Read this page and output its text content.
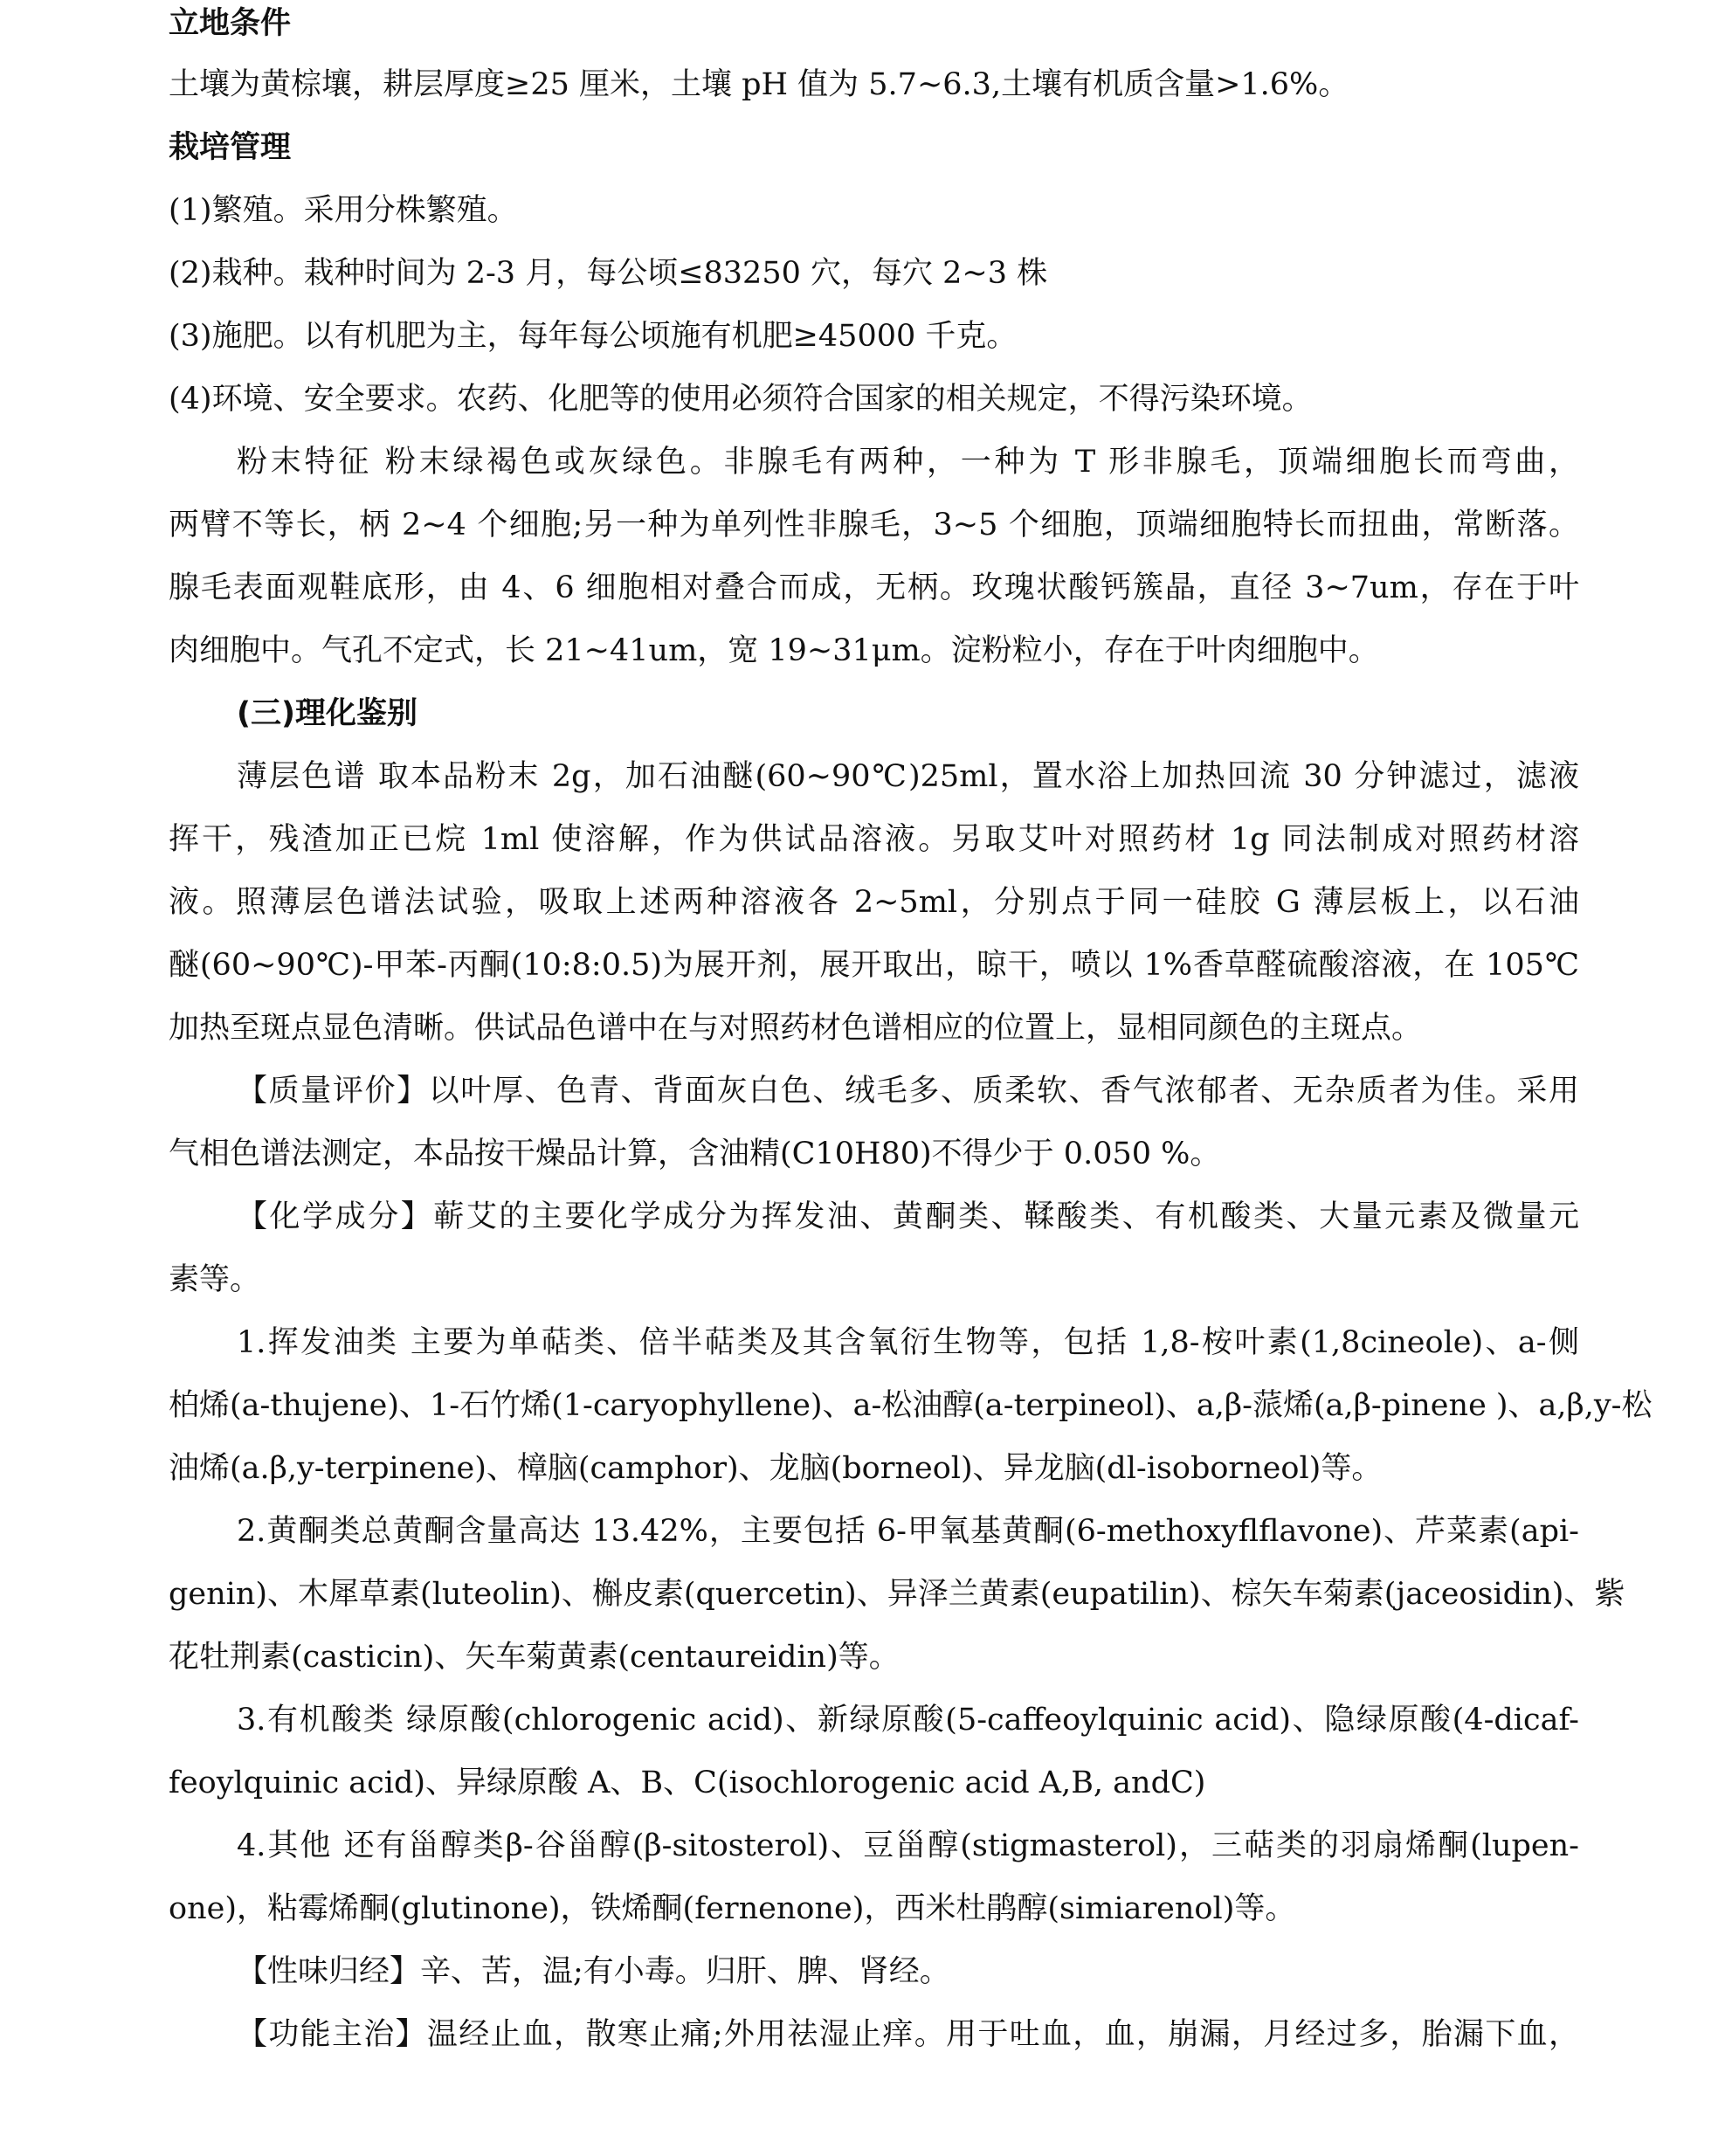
立地条件
土壤为黄棕壤，耕层厚度≥25 厘米，土壤 pH 值为 5.7~6.3,土壤有机质含量>1.6%。
栽培管理
(1)繁殖。采用分株繁殖。
(2)栽种。栽种时间为 2-3 月，每公顷≤83250 穴，每穴 2~3 株
(3)施肥。以有机肥为主，每年每公顷施有机肥≥45000 千克。
(4)环境、安全要求。农药、化肥等的使用必须符合国家的相关规定，不得污染环境。
粉末特征 粉末绿褐色或灰绿色。非腺毛有两种，一种为 T 形非腺毛，顶端细胞长而弯曲，
两臂不等长，柄 2~4 个细胞;另一种为单列性非腺毛，3~5 个细胞，顶端细胞特长而扭曲，常断落。
腺毛表面观鞋底形，由 4、6 细胞相对叠合而成，无柄。玫瑰状酸钙簇晶，直径 3~7um，存在于叶
肉细胞中。气孔不定式，长 21~41um，宽 19~31μm。淀粉粒小，存在于叶肉细胞中。
(三)理化鉴别
薄层色谱 取本品粉末 2g，加石油醚(60~90℃)25ml，置水浴上加热回流 30 分钟滤过，滤液
挥干，残渣加正已烷 1ml 使溶解，作为供试品溶液。另取艾叶对照药材 1g 同法制成对照药材溶
液。照薄层色谱法试验，吸取上述两种溶液各 2~5ml，分别点于同一硅胶 G 薄层板上，以石油
醚(60~90℃)-甲苯-丙酮(10:8:0.5)为展开剂，展开取出，晾干，喷以 1%香草醛硫酸溶液，在 105℃
加热至斑点显色清晰。供试品色谱中在与对照药材色谱相应的位置上，显相同颜色的主斑点。
【质量评价】以叶厚、色青、背面灰白色、绒毛多、质柔软、香气浓郁者、无杂质者为佳。采用
气相色谱法测定，本品按干燥品计算，含油精(C10H80)不得少于 0.050 %。
【化学成分】蕲艾的主要化学成分为挥发油、黄酮类、鞣酸类、有机酸类、大量元素及微量元
素等。
1.挥发油类 主要为单萜类、倍半萜类及其含氧衍生物等，包括 1,8-桉叶素(1,8cineole)、a-侧
柏烯(a-thujene)、1-石竹烯(1-caryophyllene)、a-松油醇(a-terpineol)、a,β-蒎烯(a,β-pinene )、a,β,y-松
油烯(a.β,y-terpinene)、樟脑(camphor)、龙脑(borneol)、异龙脑(dl-isoborneol)等。
2.黄酮类总黄酮含量高达 13.42%，主要包括 6-甲氧基黄酮(6-methoxyflflavone)、芹菜素(api-
genin)、木犀草素(luteolin)、槲皮素(quercetin)、异泽兰黄素(eupatilin)、棕矢车菊素(jaceosidin)、紫
花牡荆素(casticin)、矢车菊黄素(centaureidin)等。
3.有机酸类 绿原酸(chlorogenic acid)、新绿原酸(5-caffeoylquinic acid)、隐绿原酸(4-dicaf-
feoylquinic acid)、异绿原酸 A、B、C(isochlorogenic acid A,B, andC)
4.其他 还有甾醇类β-谷甾醇(β-sitosterol)、豆甾醇(stigmasterol)，三萜类的羽扇烯酮(lupen-
one)，粘霉烯酮(glutinone)，铁烯酮(fernenone)，西米杜鹃醇(simiarenol)等。
【性味归经】辛、苦，温;有小毒。归肝、脾、肾经。
【功能主治】温经止血，散寒止痛;外用祛湿止痒。用于吐血，血，崩漏，月经过多，胎漏下血，
